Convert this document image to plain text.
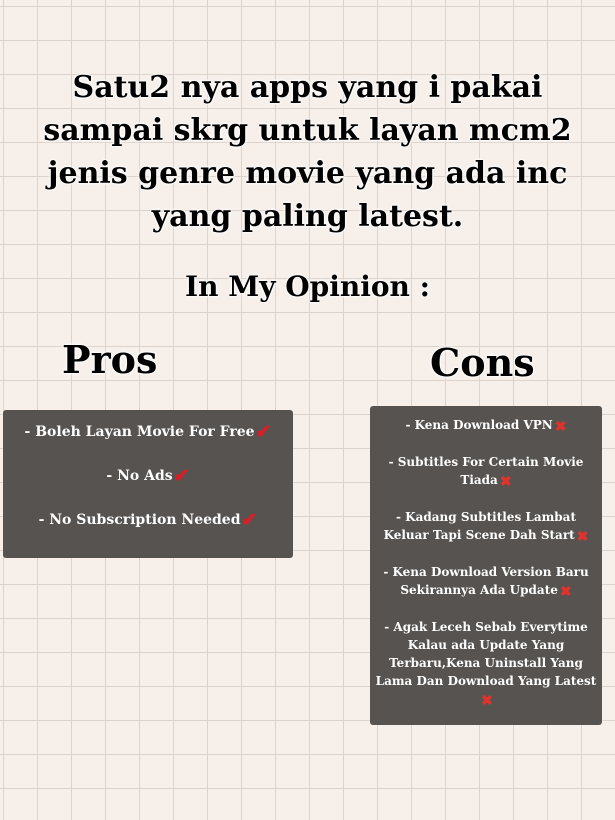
Satu2 nya apps yang i pakai
sampai skrg untuk layan mcm2
jenis genre movie yang ada inc
yang paling latest.
In My Opinion :
Pros	Cons
- Boleh Layan Movie For Free✔
- No Ads✔
- No Subscription Needed✔
- Kena Download VPN ✖
- Subtitles For Certain Movie Tiada ✖
- Kadang Subtitles Lambat Keluar Tapi Scene Dah Start ✖
- Kena Download Version Baru Sekirannya Ada Update ✖
- Agak Leceh Sebab Everytime Kalau ada Update Yang Terbaru,Kena Uninstall Yang Lama Dan Download Yang Latest✖
